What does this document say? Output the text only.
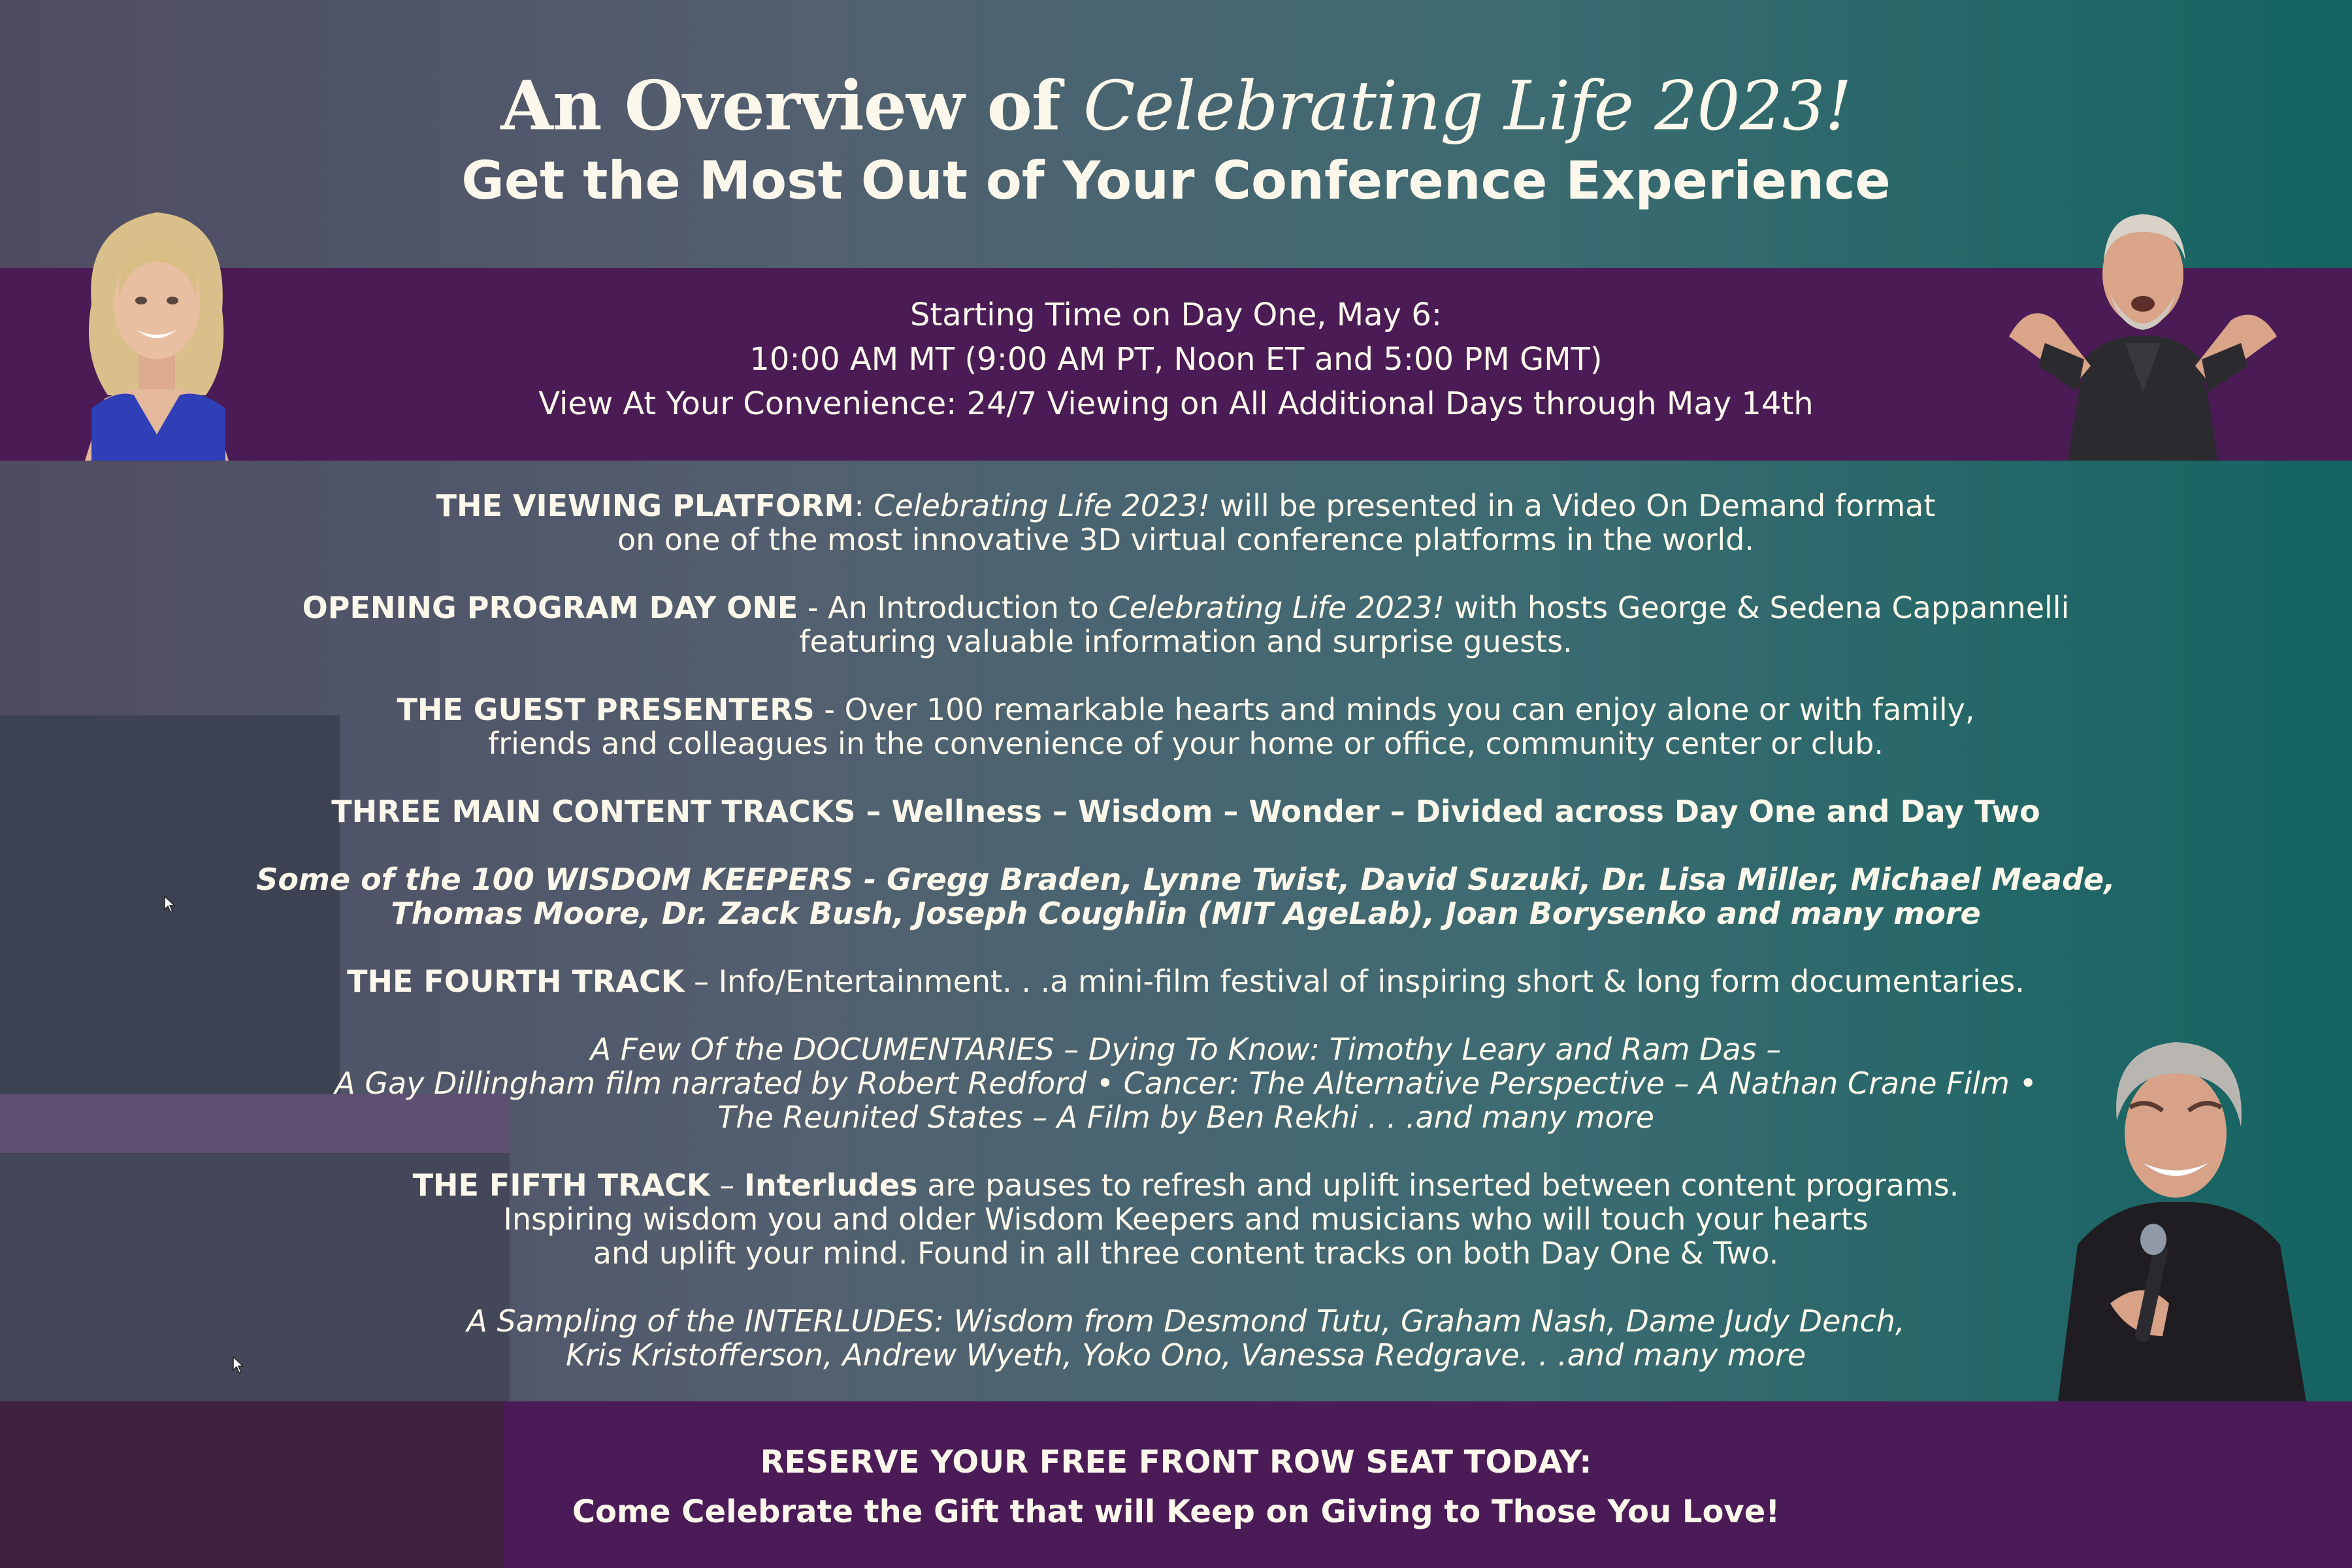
An Overview of Celebrating Life 2023!
Get the Most Out of Your Conference Experience
Starting Time on Day One, May 6:
10:00 AM MT (9:00 AM PT, Noon ET and 5:00 PM GMT)
View At Your Convenience: 24/7 Viewing on All Additional Days through May 14th
THE VIEWING PLATFORM: Celebrating Life 2023! will be presented in a Video On Demand format
on one of the most innovative 3D virtual conference platforms in the world.
OPENING PROGRAM DAY ONE - An Introduction to Celebrating Life 2023! with hosts George & Sedena Cappannelli
featuring valuable information and surprise guests.
THE GUEST PRESENTERS - Over 100 remarkable hearts and minds you can enjoy alone or with family,
friends and colleagues in the convenience of your home or office, community center or club.
THREE MAIN CONTENT TRACKS – Wellness – Wisdom – Wonder – Divided across Day One and Day Two
Some of the 100 WISDOM KEEPERS - Gregg Braden, Lynne Twist, David Suzuki, Dr. Lisa Miller, Michael Meade,
Thomas Moore, Dr. Zack Bush, Joseph Coughlin (MIT AgeLab), Joan Borysenko and many more
THE FOURTH TRACK – Info/Entertainment. . .a mini-film festival of inspiring short & long form documentaries.
A Few Of the DOCUMENTARIES – Dying To Know: Timothy Leary and Ram Das –
A Gay Dillingham film narrated by Robert Redford • Cancer: The Alternative Perspective – A Nathan Crane Film •
The Reunited States – A Film by Ben Rekhi . . .and many more
THE FIFTH TRACK – Interludes are pauses to refresh and uplift inserted between content programs.
Inspiring wisdom you and older Wisdom Keepers and musicians who will touch your hearts
and uplift your mind. Found in all three content tracks on both Day One & Two.
A Sampling of the INTERLUDES: Wisdom from Desmond Tutu, Graham Nash, Dame Judy Dench,
Kris Kristofferson, Andrew Wyeth, Yoko Ono, Vanessa Redgrave. . .and many more
RESERVE YOUR FREE FRONT ROW SEAT TODAY:
Come Celebrate the Gift that will Keep on Giving to Those You Love!
